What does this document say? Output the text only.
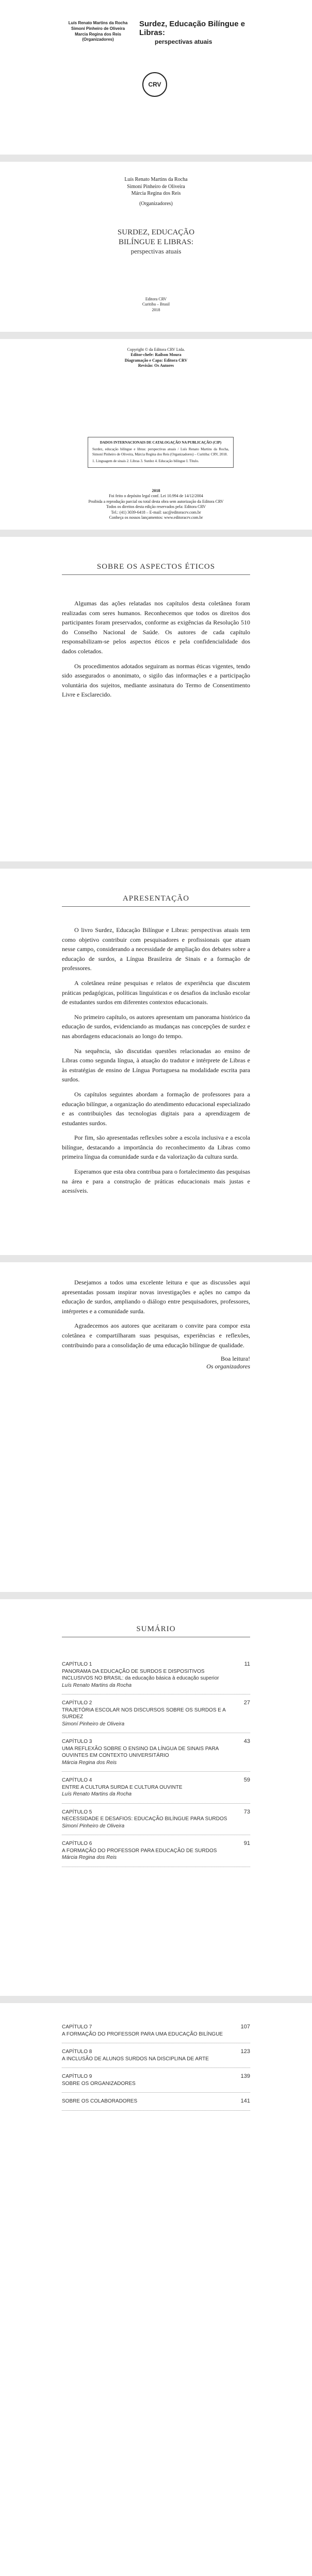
Luís Renato Martins da Rocha
Simoní Pinheiro de Oliveira
Marcia Regina dos Reis
(Organizadores)
Surdez, Educação Bilíngue e Libras:
perspectivas atuais
CRV
Luís Renato Martins da Rocha
Simoní Pinheiro de Oliveira
Márcia Regina dos Reis
(Organizadores)
SURDEZ, EDUCAÇÃO
BILÍNGUE E LIBRAS:
perspectivas atuais
Editora CRV
Curitiba – Brasil
2018
Copyright © da Editora CRV Ltda.
Editor-chefe: Railson Moura
Diagramação e Capa: Editora CRV
Revisão: Os Autores
DADOS INTERNACIONAIS DE CATALOGAÇÃO NA PUBLICAÇÃO (CIP)
Surdez, educação bilíngue e libras: perspectivas atuais / Luís Renato Martins da Rocha, Simoní Pinheiro de Oliveira, Márcia Regina dos Reis (Organizadores) – Curitiba: CRV, 2018.
1. Linguagem de sinais 2. Libras 3. Surdez 4. Educação bilíngue I. Título.
2018
Foi feito o depósito legal conf. Lei 10.994 de 14/12/2004
Proibida a reprodução parcial ou total desta obra sem autorização da Editora CRV
Todos os direitos desta edição reservados pela: Editora CRV
Tel.: (41) 3039-6418 – E-mail: sac@editoracrv.com.br
Conheça os nossos lançamentos: www.editoracrv.com.br
SOBRE OS ASPECTOS ÉTICOS

Algumas das ações relatadas nos capítulos desta coletânea foram realizadas com seres humanos. Reconhecemos que todos os direitos dos participantes foram preservados, conforme as exigências da Resolução 510 do Conselho Nacional de Saúde. Os autores de cada capítulo responsabilizam-se pelos aspectos éticos e pela confidencialidade dos dados coletados.

Os procedimentos adotados seguiram as normas éticas vigentes, tendo sido assegurados o anonimato, o sigilo das informações e a participação voluntária dos sujeitos, mediante assinatura do Termo de Consentimento Livre e Esclarecido.

APRESENTAÇÃO

O livro Surdez, Educação Bilíngue e Libras: perspectivas atuais tem como objetivo contribuir com pesquisadores e profissionais que atuam nesse campo, considerando a necessidade de ampliação dos debates sobre a educação de surdos, a Língua Brasileira de Sinais e a formação de professores.

A coletânea reúne pesquisas e relatos de experiência que discutem práticas pedagógicas, políticas linguísticas e os desafios da inclusão escolar de estudantes surdos em diferentes contextos educacionais.

No primeiro capítulo, os autores apresentam um panorama histórico da educação de surdos, evidenciando as mudanças nas concepções de surdez e nas abordagens educacionais ao longo do tempo.

Na sequência, são discutidas questões relacionadas ao ensino de Libras como segunda língua, à atuação do tradutor e intérprete de Libras e às estratégias de ensino de Língua Portuguesa na modalidade escrita para surdos.

Os capítulos seguintes abordam a formação de professores para a educação bilíngue, a organização do atendimento educacional especializado e as contribuições das tecnologias digitais para a aprendizagem de estudantes surdos.

Por fim, são apresentadas reflexões sobre a escola inclusiva e a escola bilíngue, destacando a importância do reconhecimento da Libras como primeira língua da comunidade surda e da valorização da cultura surda.

Esperamos que esta obra contribua para o fortalecimento das pesquisas na área e para a construção de práticas educacionais mais justas e acessíveis.

Desejamos a todos uma excelente leitura e que as discussões aqui apresentadas possam inspirar novas investigações e ações no campo da educação de surdos, ampliando o diálogo entre pesquisadores, professores, intérpretes e a comunidade surda.

Agradecemos aos autores que aceitaram o convite para compor esta coletânea e compartilharam suas pesquisas, experiências e reflexões, contribuindo para a consolidação de uma educação bilíngue de qualidade.

Boa leitura!
Os organizadores
SUMÁRIO
CAPÍTULO 1
PANORAMA DA EDUCAÇÃO DE SURDOS E DISPOSITIVOS INCLUSIVOS NO BRASIL: da educação básica à educação superior
Luís Renato Martins da Rocha
11
CAPÍTULO 2
TRAJETÓRIA ESCOLAR NOS DISCURSOS SOBRE OS SURDOS E A SURDEZ
Simoní Pinheiro de Oliveira
27
CAPÍTULO 3
UMA REFLEXÃO SOBRE O ENSINO DA LÍNGUA DE SINAIS PARA OUVINTES EM CONTEXTO UNIVERSITÁRIO
Márcia Regina dos Reis
43
CAPÍTULO 4
ENTRE A CULTURA SURDA E CULTURA OUVINTE
Luís Renato Martins da Rocha
59
CAPÍTULO 5
NECESSIDADE E DESAFIOS: EDUCAÇÃO BILÍNGUE PARA SURDOS
Simoní Pinheiro de Oliveira
73
CAPÍTULO 6
A FORMAÇÃO DO PROFESSOR PARA EDUCAÇÃO DE SURDOS
Márcia Regina dos Reis
91
CAPÍTULO 7
A FORMAÇÃO DO PROFESSOR PARA UMA EDUCAÇÃO BILÍNGUE
107
CAPÍTULO 8
A INCLUSÃO DE ALUNOS SURDOS NA DISCIPLINA DE ARTE
123
CAPÍTULO 9
SOBRE OS ORGANIZADORES
139
SOBRE OS COLABORADORES	141
